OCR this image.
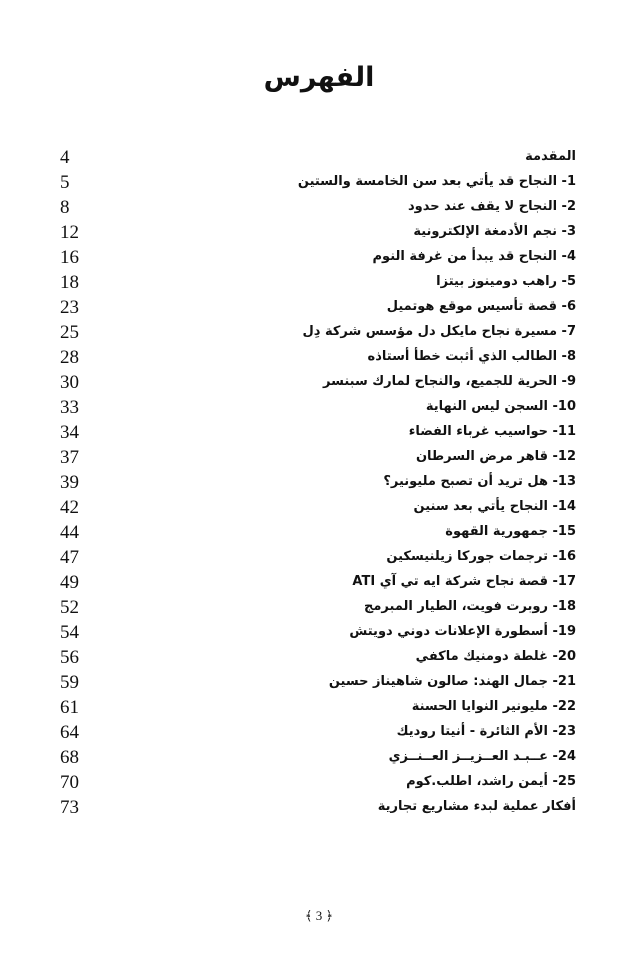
الفهرس
المقدمة
4
1- النجاح قد يأتي بعد سن الخامسة والستين
5
2- النجاح لا يقف عند حدود
8
3- نجم الأدمغة الإلكترونية
12
4- النجاح قد يبدأ من غرفة النوم
16
5- راهب دومينوز بيتزا
18
6- قصة تأسيس موقع هوتميل
23
7- مسيرة نجاح مايكل دل مؤسس شركة دِل
25
8- الطالب الذي أثبت خطأ أستاذه
28
9- الحرية للجميع، والنجاح لمارك سبنسر
30
10- السجن ليس النهاية
33
11- حواسيب غرباء الفضاء
34
12- قاهر مرض السرطان
37
13- هل تريد أن تصبح مليونير؟
39
14- النجاح يأتي بعد سنين
42
15- جمهورية القهوة
44
16- ترجمات جوركا زيلنيسكين
47
17- قصة نجاح شركة ايه تي آي ATI
49
18- روبرت فويت، الطيار المبرمج
52
19- أسطورة الإعلانات دوني دويتش
54
20- غلطة دومنيك ماكفي
56
21- جمال الهند: صالون شاهيناز حسين
59
22- مليونير النوايا الحسنة
61
23- الأم الثائرة - أنيتا روديك
64
24- عــبـد العــزيــز العــنــزي
68
25- أيمن راشد، اطلب.كوم
70
أفكار عملية لبدء مشاريع تجارية
73
﴾ 3 ﴿
